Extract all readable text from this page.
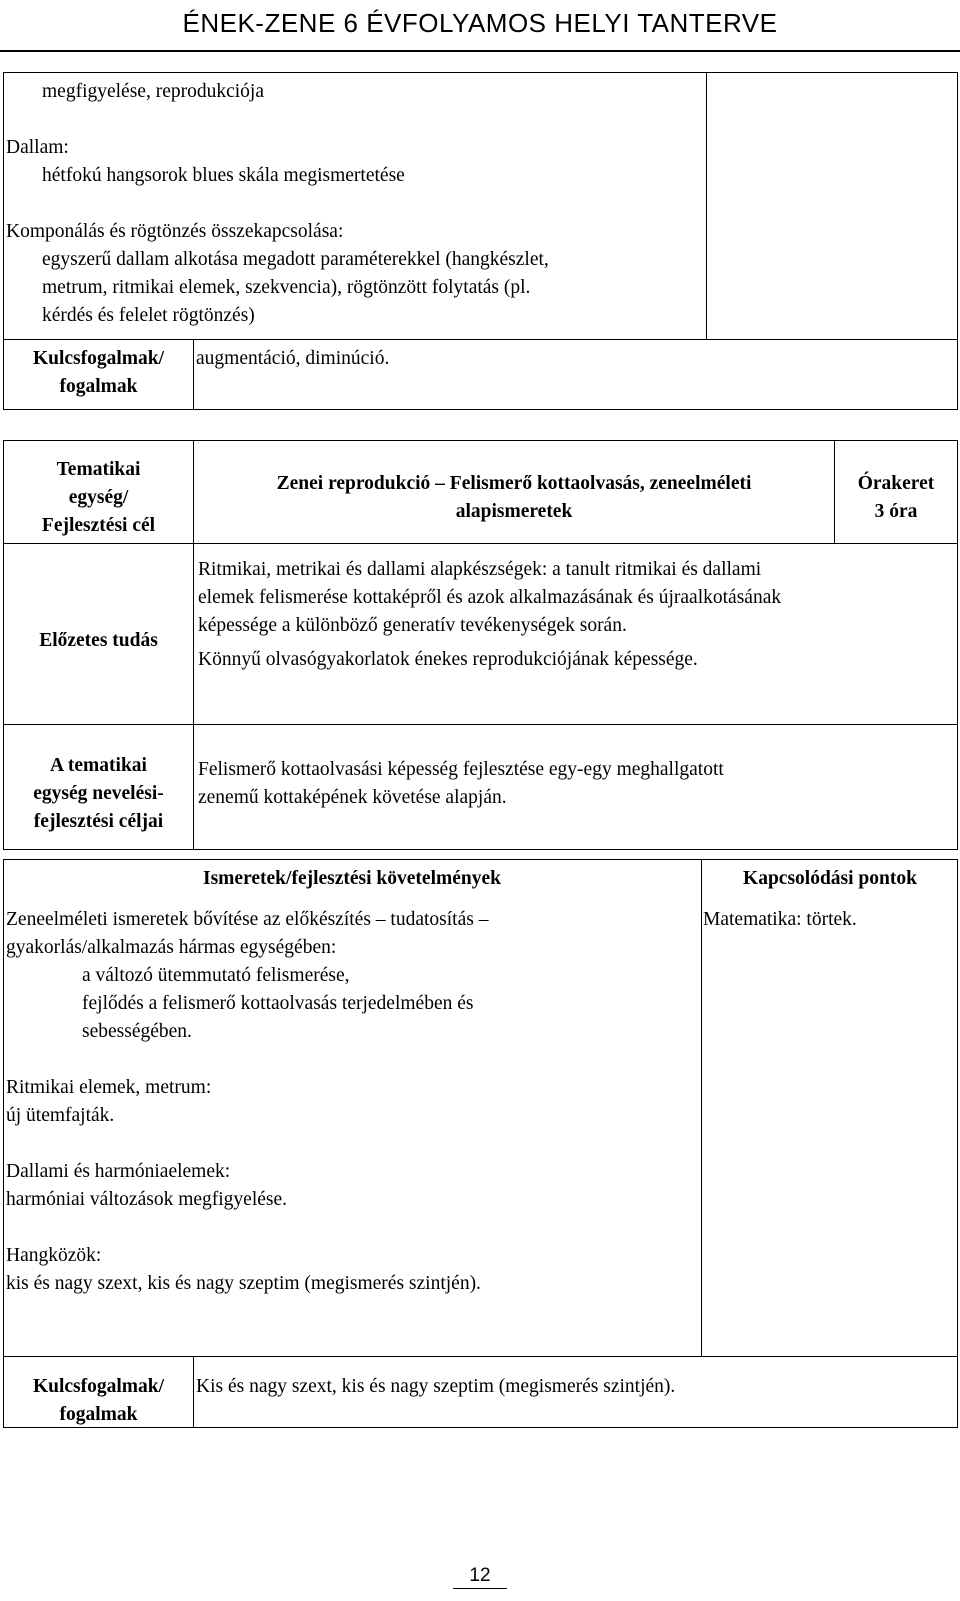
ÉNEK-ZENE 6 ÉVFOLYAMOS HELYI TANTERVE
megfigyelése, reprodukciója
Dallam:
hétfokú hangsorok blues skála megismertetése
Komponálás és rögtönzés összekapcsolása:
egyszerű dallam alkotása megadott paraméterekkel (hangkészlet,
metrum, ritmikai elemek, szekvencia), rögtönzött folytatás (pl.
kérdés és felelet rögtönzés)
Kulcsfogalmak/
fogalmak
augmentáció, diminúció.
Tematikai
egység/
Fejlesztési cél
Zenei reprodukció – Felismerő kottaolvasás, zeneelméleti
alapismeretek
Órakeret
3 óra
Előzetes tudás
Ritmikai, metrikai és dallami alapkészségek: a tanult ritmikai és dallami
elemek felismerése kottaképről és azok alkalmazásának és újraalkotásának
képessége a különböző generatív tevékenységek során.
Könnyű olvasógyakorlatok énekes reprodukciójának képessége.
A tematikai
egység nevelési-
fejlesztési céljai
Felismerő kottaolvasási képesség fejlesztése egy-egy meghallgatott
zenemű kottaképének követése alapján.
Ismeretek/fejlesztési követelmények	Kapcsolódási pontok
Zeneelméleti ismeretek bővítése az előkészítés – tudatosítás –
gyakorlás/alkalmazás hármas egységében:
a változó ütemmutató felismerése,
fejlődés a felismerő kottaolvasás terjedelmében és
sebességében.
Ritmikai elemek, metrum:
új ütemfajták.
Dallami és harmóniaelemek:
harmóniai változások megfigyelése.
Hangközök:
kis és nagy szext, kis és nagy szeptim (megismerés szintjén).
Matematika: törtek.
Kulcsfogalmak/
fogalmak
Kis és nagy szext, kis és nagy szeptim (megismerés szintjén).
12
